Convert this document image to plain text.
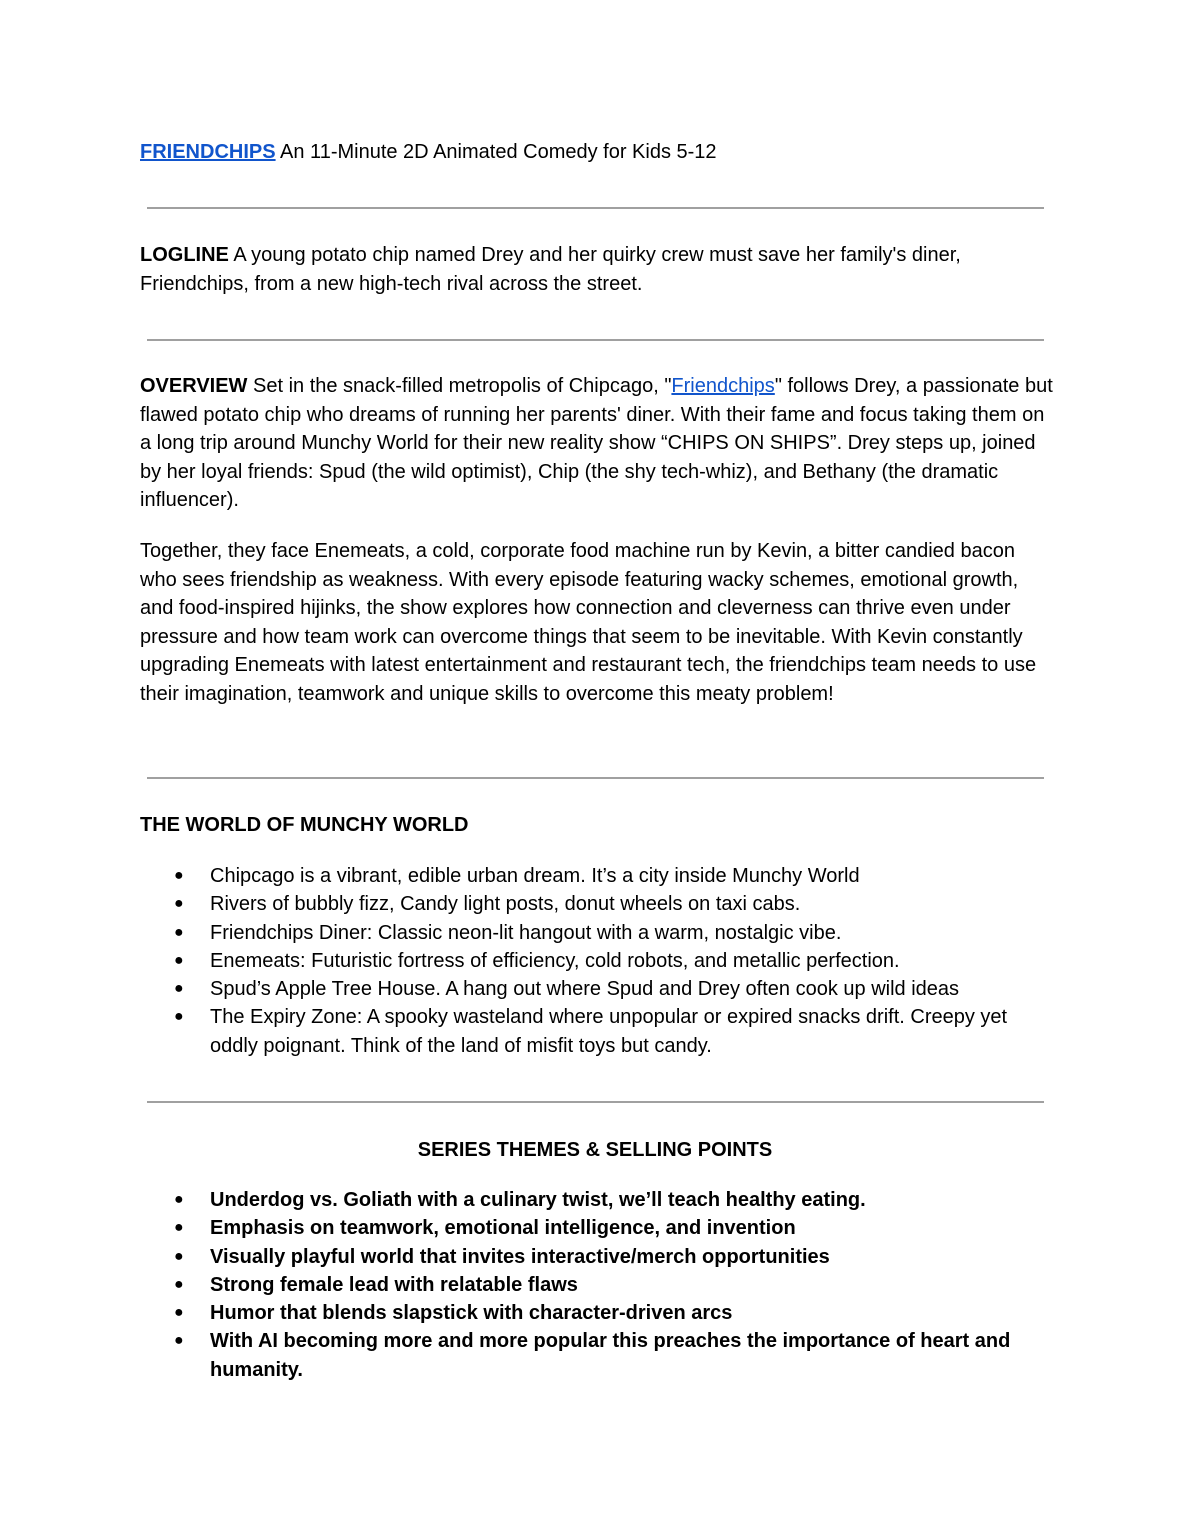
FRIENDCHIPS An 11-Minute 2D Animated Comedy for Kids 5-12
LOGLINE A young potato chip named Drey and her quirky crew must save her family's diner, Friendchips, from a new high-tech rival across the street.
OVERVIEW Set in the snack-filled metropolis of Chipcago, "Friendchips" follows Drey, a passionate but flawed potato chip who dreams of running her parents' diner. With their fame and focus taking them on a long trip around Munchy World for their new reality show “CHIPS ON SHIPS”. Drey steps up, joined by her loyal friends: Spud (the wild optimist), Chip (the shy tech-whiz), and Bethany (the dramatic influencer).
Together, they face Enemeats, a cold, corporate food machine run by Kevin, a bitter candied bacon who sees friendship as weakness. With every episode featuring wacky schemes, emotional growth, and food-inspired hijinks, the show explores how connection and cleverness can thrive even under pressure and how team work can overcome things that seem to be inevitable. With Kevin constantly upgrading Enemeats with latest entertainment and restaurant tech, the friendchips team needs to use their imagination, teamwork and unique skills to overcome this meaty problem!
THE WORLD OF MUNCHY WORLD
● Chipcago is a vibrant, edible urban dream. It’s a city inside Munchy World
● Rivers of bubbly fizz, Candy light posts, donut wheels on taxi cabs.
● Friendchips Diner: Classic neon-lit hangout with a warm, nostalgic vibe.
● Enemeats: Futuristic fortress of efficiency, cold robots, and metallic perfection.
● Spud’s Apple Tree House. A hang out where Spud and Drey often cook up wild ideas
● The Expiry Zone: A spooky wasteland where unpopular or expired snacks drift. Creepy yet oddly poignant. Think of the land of misfit toys but candy.
SERIES THEMES & SELLING POINTS
● Underdog vs. Goliath with a culinary twist, we’ll teach healthy eating.
● Emphasis on teamwork, emotional intelligence, and invention
● Visually playful world that invites interactive/merch opportunities
● Strong female lead with relatable flaws
● Humor that blends slapstick with character-driven arcs
● With AI becoming more and more popular this preaches the importance of heart and humanity.
